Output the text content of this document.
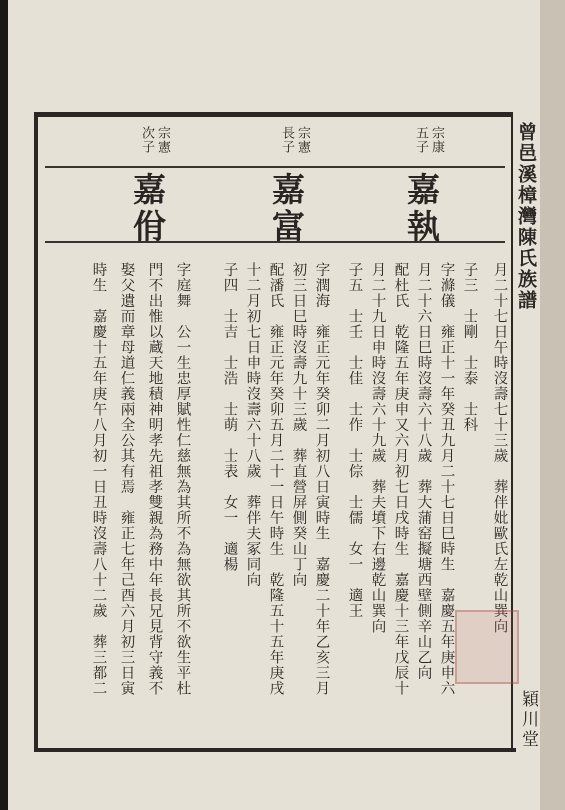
曾邑溪樟灣陳氏族譜
穎川堂
月二十七日午時沒壽七十三歲　葬伴妣歐氏左乾山巽向
宗康
五子
嘉執
子三　士剛　士泰　士科
字滌儀　雍正十一年癸丑九月二十七日巳時生　嘉慶五年庚申六
月二十六日巳時沒壽六十八歲　葬大蒲窑擬塘西壁側辛山乙向
配杜氏　乾隆五年庚申又六月初七日戌時生　嘉慶十三年戊辰十
月二十九日申時沒壽六十九歲　葬夫墳下右邊乾山巽向
子五　士壬　士佳　士作　士倧　士儒　女一　適王
宗憲
長子
嘉富
字潤海　雍正元年癸卯二月初八日寅時生　嘉慶二十年乙亥三月
初三日巳時沒壽九十三歲　葬直營屏側癸山丁向
配潘氏　雍正元年癸卯五月二十一日午時生　乾隆五十五年庚戌
十二月初七日申時沒壽六十八歲　葬伴夫冢同向
子四　士吉　士浩　士萌　士表　女一　適楊
宗憲
次子
嘉佾
字庭舞　公一生忠厚賦性仁慈無為其所不為無欲其所不欲生平杜
門不出惟以蔵天地積神明孝先祖孝雙親為務中年長兄見背守義不
娶父遺而章母道仁義兩全公其有焉　雍正七年己酉六月初三日寅
時生　嘉慶十五年庚午八月初一日丑時沒壽八十二歲　葬三都二
